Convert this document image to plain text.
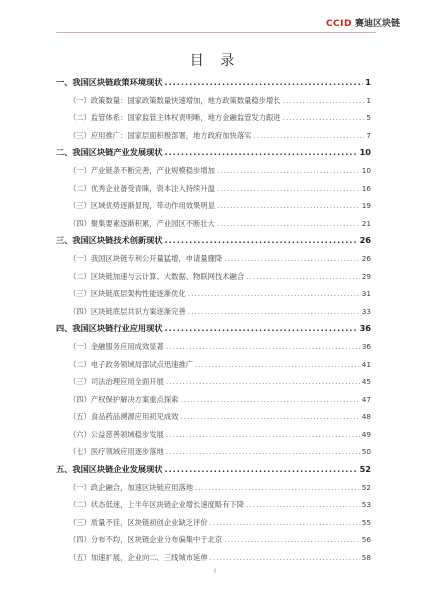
CCID 赛迪区块链
目 录
一、我国区块链政策环境现状 .....	1
（一）政策数量：国家政策数量快速增加，地方政策数量稳步增长 .....	1
（二）监管体系：国家监管主体权责明晰，地方金融监管发力跟进 .....	5
（三）应用推广：国家层面积极部署，地方政府加快落实 .....	7
二、我国区块链产业发展现状 .....	10
（一）产业链条不断完善，产业规模稳步增加 .....	10
（二）优秀企业备受青睐，资本注入持续升温 .....	16
（三）区域优势逐渐显现，带动作用效果明显 .....	19
（四）聚集要素逐渐积累，产业园区不断壮大 .....	21
三、我国区块链技术创新现状 .....	26
（一）我国区块链专利公开量猛增，申请量骤降 .....	26
（二）区块链加速与云计算、大数据、物联网技术融合 .....	29
（三）区块链底层架构性能逐渐优化 .....	31
（四）区块链底层共识方案逐渐完善 .....	33
四、我国区块链行业应用现状 .....	36
（一）金融服务应用成效显著 .....	36
（二）电子政务领域局部试点迅速推广 .....	41
（三）司法治理应用全面开展 .....	45
（四）产权保护解决方案重点探索 .....	47
（五）食品药品溯源应用初见成效 .....	48
（六）公益慈善领域稳步发展 .....	49
（七）医疗领域应用逐步落地 .....	50
五、我国区块链企业发展现状 .....	52
（一）政企融合，加速区块链应用落地 .....	52
（二）状态低迷，上半年区块链企业增长速度略有下降 .....	53
（三）质量不佳，区块链初创企业缺乏评价 .....	55
（四）分布不均，区块链企业分布偏集中于北京 .....	56
（五）加速扩展，企业向二、三线城市延伸 .....	58
I
